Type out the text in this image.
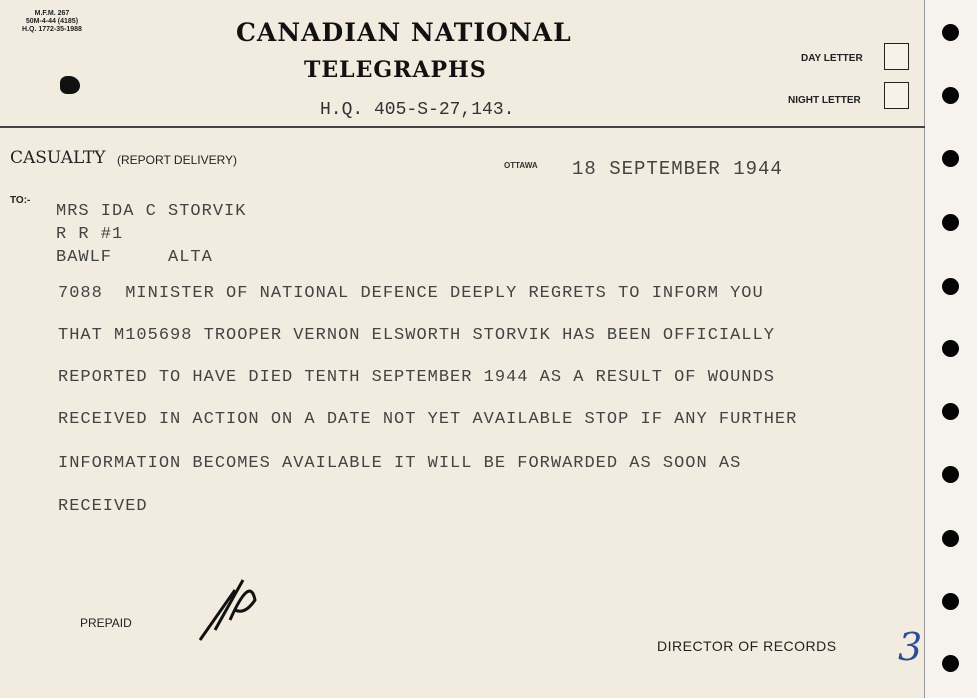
M.F.M. 267
50M-4-44 (4185)
H.Q. 1772-35-1988	CANADIAN NATIONAL
TELEGRAPHS
H.Q. 405-S-27,143.
DAY LETTER
NIGHT LETTER
CASUALTY (REPORT DELIVERY)	OTTAWA 18 SEPTEMBER 1944
TO:-
MRS IDA C STORVIK
R R #1
BAWLF     ALTA

7088  MINISTER OF NATIONAL DEFENCE DEEPLY REGRETS TO INFORM YOU

THAT M105698 TROOPER VERNON ELSWORTH STORVIK HAS BEEN OFFICIALLY

REPORTED TO HAVE DIED TENTH SEPTEMBER 1944 AS A RESULT OF WOUNDS

RECEIVED IN ACTION ON A DATE NOT YET AVAILABLE STOP IF ANY FURTHER

INFORMATION BECOMES AVAILABLE IT WILL BE FORWARDED AS SOON AS

RECEIVED

PREPAID
DIRECTOR OF RECORDS 3
